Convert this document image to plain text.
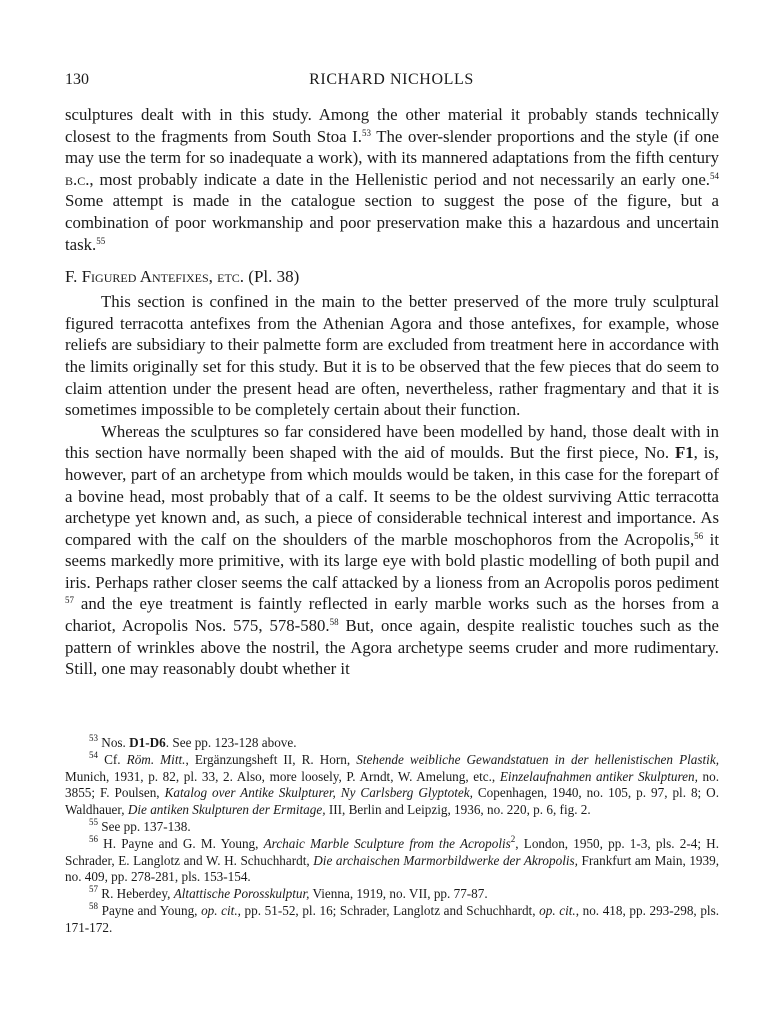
130	RICHARD NICHOLLS

sculptures dealt with in this study. Among the other material it probably stands technically closest to the fragments from South Stoa I.$^{53}$ The over-slender proportions and the style (if one may use the term for so inadequate a work), with its mannered adaptations from the fifth century b.c., most probably indicate a date in the Hellenistic period and not necessarily an early one.$^{54}$ Some attempt is made in the catalogue section to suggest the pose of the figure, but a combination of poor workmanship and poor preservation make this a hazardous and uncertain task.$^{55}$

F. Figured Antefixes, etc. (Pl. 38)

This section is confined in the main to the better preserved of the more truly sculptural figured terracotta antefixes from the Athenian Agora and those antefixes, for example, whose reliefs are subsidiary to their palmette form are excluded from treatment here in accordance with the limits originally set for this study. But it is to be observed that the few pieces that do seem to claim attention under the present head are often, nevertheless, rather fragmentary and that it is sometimes impossible to be completely certain about their function.

Whereas the sculptures so far considered have been modelled by hand, those dealt with in this section have normally been shaped with the aid of moulds. But the first piece, No. F1, is, however, part of an archetype from which moulds would be taken, in this case for the forepart of a bovine head, most probably that of a calf. It seems to be the oldest surviving Attic terracotta archetype yet known and, as such, a piece of considerable technical interest and importance. As compared with the calf on the shoulders of the marble moschophoros from the Acropolis,$^{56}$ it seems markedly more primitive, with its large eye with bold plastic modelling of both pupil and iris. Perhaps rather closer seems the calf attacked by a lioness from an Acropolis poros pediment $^{57}$ and the eye treatment is faintly reflected in early marble works such as the horses from a chariot, Acropolis Nos. 575, 578-580.58 But, once again, despite realistic touches such as the pattern of wrinkles above the nostril, the Agora archetype seems cruder and more rudimentary. Still, one may reasonably doubt whether it

$^{53}$ Nos. D1-D6. See pp. 123-128 above.

$^{54}$ Cf. Röm. Mitt., Ergänzungsheft II, R. Horn, Stehende weibliche Gewandstatuen in der hellenistischen Plastik, Munich, 1931, p. 82, pl. 33, 2. Also, more loosely, P. Arndt, W. Amelung, etc., Einzelaufnahmen antiker Skulpturen, no. 3855; F. Poulsen, Katalog over Antike Skulpturer, Ny Carlsberg Glyptotek, Copenhagen, 1940, no. 105, p. 97, pl. 8; O. Waldhauer, Die antiken Skulpturen der Ermitage, III, Berlin and Leipzig, 1936, no. 220, p. 6, fig. 2.

$^{55}$ See pp. 137-138.

$^{56}$ H. Payne and G. M. Young, Archaic Marble Sculpture from the Acropolis$^2$, London, 1950, pp. 1-3, pls. 2-4; H. Schrader, E. Langlotz and W. H. Schuchhardt, Die archaischen Marmorbildwerke der Akropolis, Frankfurt am Main, 1939, no. 409, pp. 278-281, pls. 153-154.

$^{57}$ R. Heberdey, Altattische Porosskulptur, Vienna, 1919, no. VII, pp. 77-87.

$^{58}$ Payne and Young, op. cit., pp. 51-52, pl. 16; Schrader, Langlotz and Schuchhardt, op. cit., no. 418, pp. 293-298, pls. 171-172.
